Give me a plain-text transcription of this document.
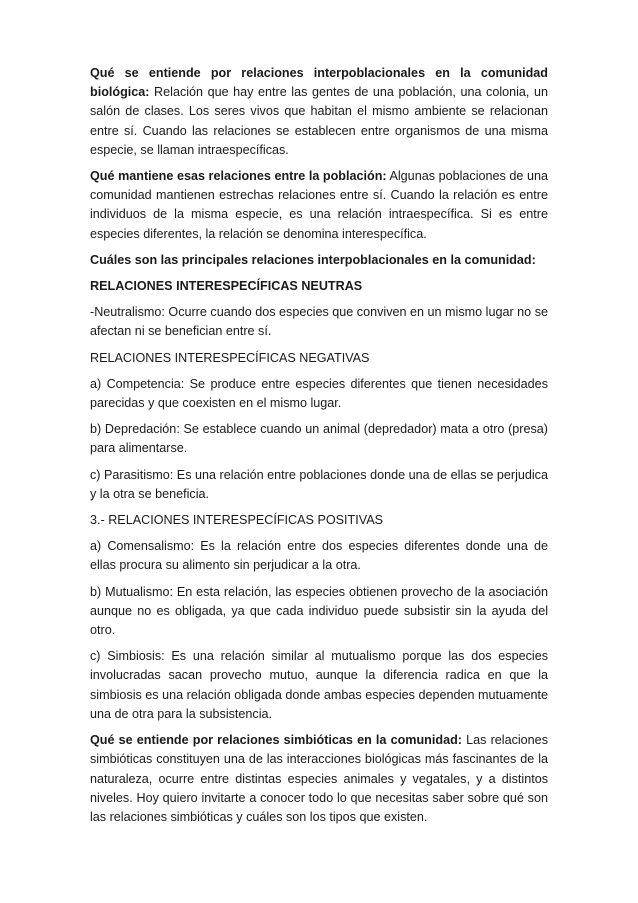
Qué se entiende por relaciones interpoblacionales en la comunidad biológica: Relación que hay entre las gentes de una población, una colonia, un salón de clases. Los seres vivos que habitan el mismo ambiente se relacionan entre sí. Cuando las relaciones se establecen entre organismos de una misma especie, se llaman intraespecíficas.

Qué mantiene esas relaciones entre la población: Algunas poblaciones de una comunidad mantienen estrechas relaciones entre sí. Cuando la relación es entre individuos de la misma especie, es una relación intraespecífica. Si es entre especies diferentes, la relación se denomina interespecífica.

Cuáles son las principales relaciones interpoblacionales en la comunidad:

RELACIONES INTERESPECÍFICAS NEUTRAS

-Neutralismo: Ocurre cuando dos especies que conviven en un mismo lugar no se afectan ni se benefician entre sí.

RELACIONES INTERESPECÍFICAS NEGATIVAS

a) Competencia: Se produce entre especies diferentes que tienen necesidades parecidas y que coexisten en el mismo lugar.

b) Depredación: Se establece cuando un animal (depredador) mata a otro (presa) para alimentarse.

c) Parasitismo: Es una relación entre poblaciones donde una de ellas se perjudica y la otra se beneficia.

3.- RELACIONES INTERESPECÍFICAS POSITIVAS

a) Comensalismo: Es la relación entre dos especies diferentes donde una de ellas procura su alimento sin perjudicar a la otra.

b) Mutualismo: En esta relación, las especies obtienen provecho de la asociación aunque no es obligada, ya que cada individuo puede subsistir sin la ayuda del otro.

c) Simbiosis: Es una relación similar al mutualismo porque las dos especies involucradas sacan provecho mutuo, aunque la diferencia radica en que la simbiosis es una relación obligada donde ambas especies dependen mutuamente una de otra para la subsistencia.

Qué se entiende por relaciones simbióticas en la comunidad: Las relaciones simbióticas constituyen una de las interacciones biológicas más fascinantes de la naturaleza, ocurre entre distintas especies animales y vegatales, y a distintos niveles. Hoy quiero invitarte a conocer todo lo que necesitas saber sobre qué son las relaciones simbióticas y cuáles son los tipos que existen.
